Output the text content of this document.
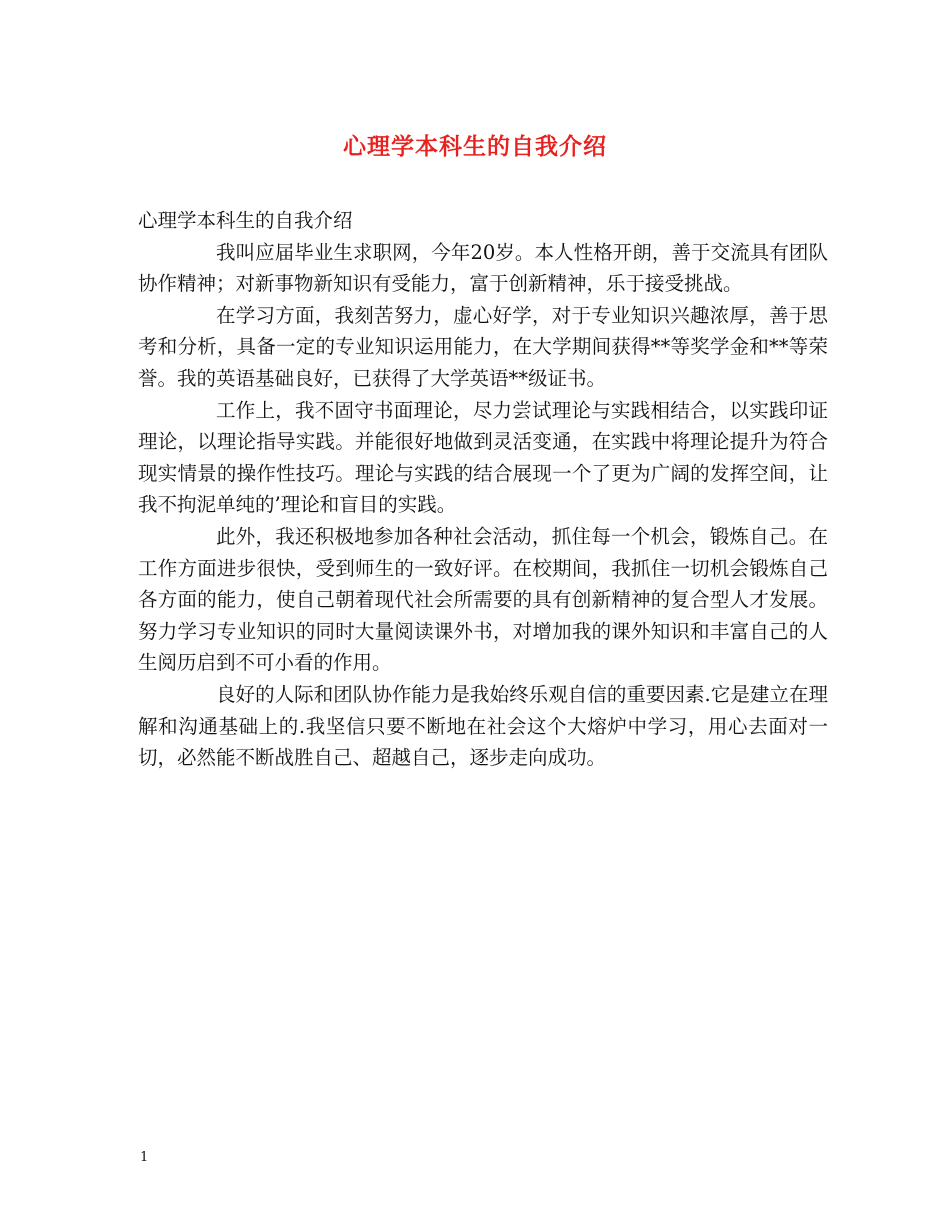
心理学本科生的自我介绍

心理学本科生的自我介绍

我叫应届毕业生求职网，今年20岁。本人性格开朗，善于交流具有团队协作精神；对新事物新知识有受能力，富于创新精神，乐于接受挑战。

在学习方面，我刻苦努力，虚心好学，对于专业知识兴趣浓厚，善于思考和分析，具备一定的专业知识运用能力，在大学期间获得**等奖学金和**等荣誉。我的英语基础良好，已获得了大学英语**级证书。

工作上，我不固守书面理论，尽力尝试理论与实践相结合，以实践印证理论，以理论指导实践。并能很好地做到灵活变通，在实践中将理论提升为符合现实情景的操作性技巧。理论与实践的结合展现一个了更为广阔的发挥空间，让我不拘泥单纯的’理论和盲目的实践。

此外，我还积极地参加各种社会活动，抓住每一个机会，锻炼自己。在工作方面进步很快，受到师生的一致好评。在校期间，我抓住一切机会锻炼自己各方面的能力，使自己朝着现代社会所需要的具有创新精神的复合型人才发展。努力学习专业知识的同时大量阅读课外书，对增加我的课外知识和丰富自己的人生阅历启到不可小看的作用。

良好的人际和团队协作能力是我始终乐观自信的重要因素.它是建立在理解和沟通基础上的.我坚信只要不断地在社会这个大熔炉中学习，用心去面对一切，必然能不断战胜自己、超越自己，逐步走向成功。

1
